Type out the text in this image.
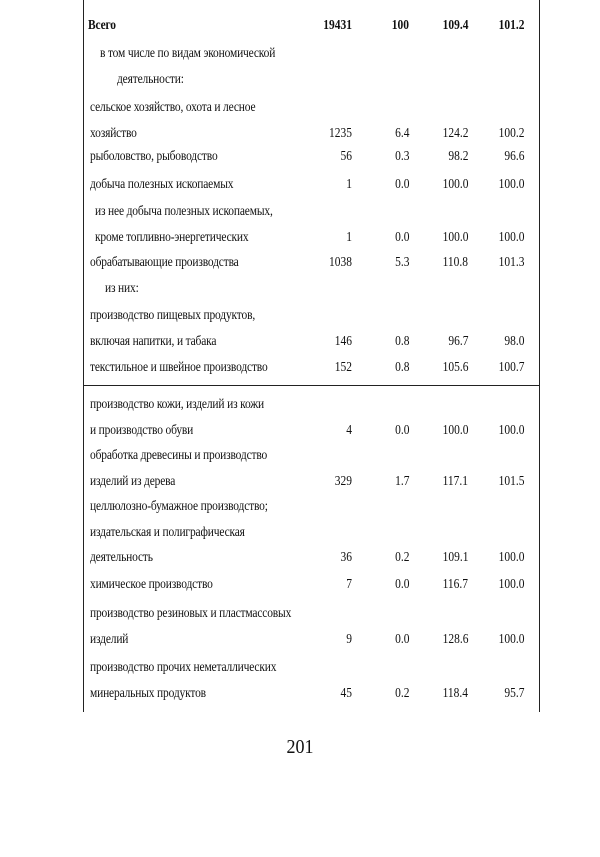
Всего	19431	100 109.4 101.2
в том числе по видам экономической
деятельности:
сельское хозяйство, охота и лесное
хозяйство	1235	6.4 124.2 100.2
рыболовство, рыбоводство	56	0.3	98.2	96.6
добыча полезных ископаемых	1	0.0 100.0 100.0
из нее добыча полезных ископаемых,
кроме топливно-энергетических	1	0.0 100.0 100.0
обрабатывающие производства	1038	5.3 110.8 101.3
из них:
производство пищевых продуктов,
включая напитки, и табака	146	0.8	96.7	98.0
текстильное и швейное производство	152	0.8 105.6 100.7
производство кожи, изделий из кожи
и производство обуви	4	0.0 100.0 100.0
обработка древесины и производство
изделий из дерева	329	1.7 117.1 101.5
целлюлозно-бумажное производство;
издательская и полиграфическая
деятельность	36	0.2 109.1 100.0
химическое производство	7	0.0 116.7 100.0
производство резиновых и пластмассовых
изделий	9	0.0 128.6 100.0
производство прочих неметаллических
минеральных продуктов	45	0.2 118.4	95.7
201
